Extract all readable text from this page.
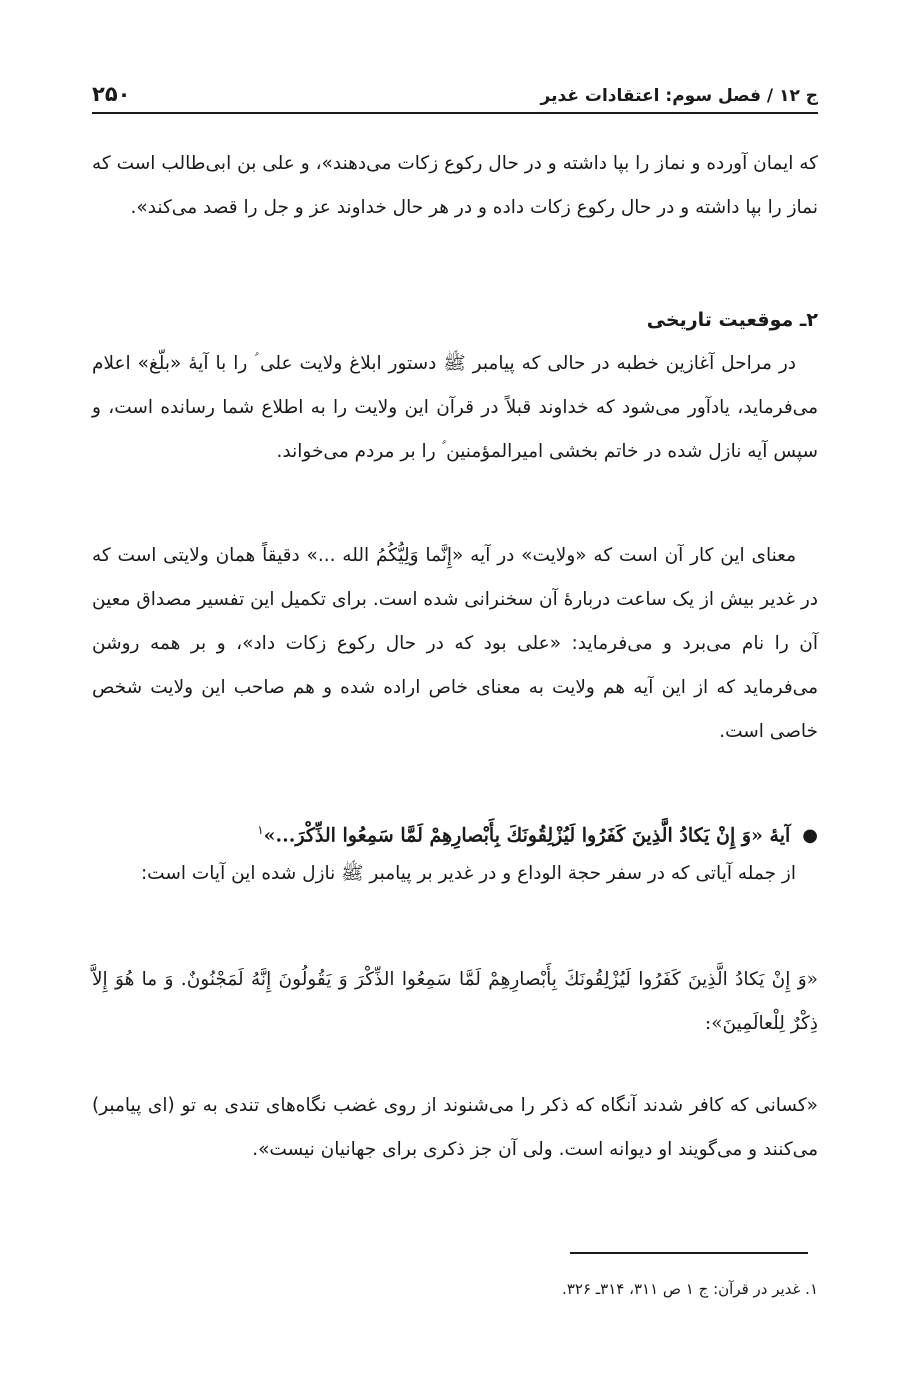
ج ۱۲ / فصل سوم: اعتقادات غدیر
۲۵۰
که ایمان آورده و نماز را بپا داشته و در حال رکوع زکات می‌دهند»، و علی بن ابی‌طالب است که نماز را بپا داشته و در حال رکوع زکات داده و در هر حال خداوند عز و جل را قصد می‌کند».
۲ـ موقعیت تاریخی
در مراحل آغازین خطبه در حالی که پیامبر ﷺ دستور ابلاغ ولایت علی ؑ را با آیهٔ «بلّغ» اعلام می‌فرماید، یادآور می‌شود که خداوند قبلاً در قرآن این ولایت را به اطلاع شما رسانده است، و سپس آیه نازل شده در خاتم بخشی امیرالمؤمنین ؑ را بر مردم می‌خواند.
معنای این کار آن است که «ولایت» در آیه «إِنَّما وَلِيُّكُمُ الله ...» دقیقاً همان ولایتی است که در غدیر بیش از یک ساعت دربارهٔ آن سخنرانی شده است. برای تکمیل این تفسیر مصداق معین آن را نام می‌برد و می‌فرماید: «علی بود که در حال رکوع زکات داد»، و بر همه روشن می‌فرماید که از این آیه هم ولایت به معنای خاص اراده شده و هم صاحب این ولایت شخص خاصی است.
●آیهٔ «وَ إِنْ يَكادُ الَّذِينَ كَفَرُوا لَيُزْلِقُونَكَ بِأَبْصارِهِمْ لَمَّا سَمِعُوا الذِّكْرَ...»$^۱$
از جمله آیاتی که در سفر حجة الوداع و در غدیر بر پیامبر ﷺ نازل شده این آیات است:
«وَ إِنْ يَكادُ الَّذِينَ كَفَرُوا لَيُزْلِقُونَكَ بِأَبْصارِهِمْ لَمَّا سَمِعُوا الذِّكْرَ وَ يَقُولُونَ إِنَّهُ لَمَجْنُونٌ. وَ ما هُوَ إِلاَّ ذِكْرٌ لِلْعالَمِينَ»:
«کسانی که کافر شدند آنگاه که ذکر را می‌شنوند از روی غضب نگاه‌های تندی به تو (ای پیامبر) می‌کنند و می‌گویند او دیوانه است. ولی آن جز ذکری برای جهانیان نیست».
۱. غدیر در قرآن: ج ۱ ص ۳۱۱، ۳۱۴ـ ۳۲۶.
